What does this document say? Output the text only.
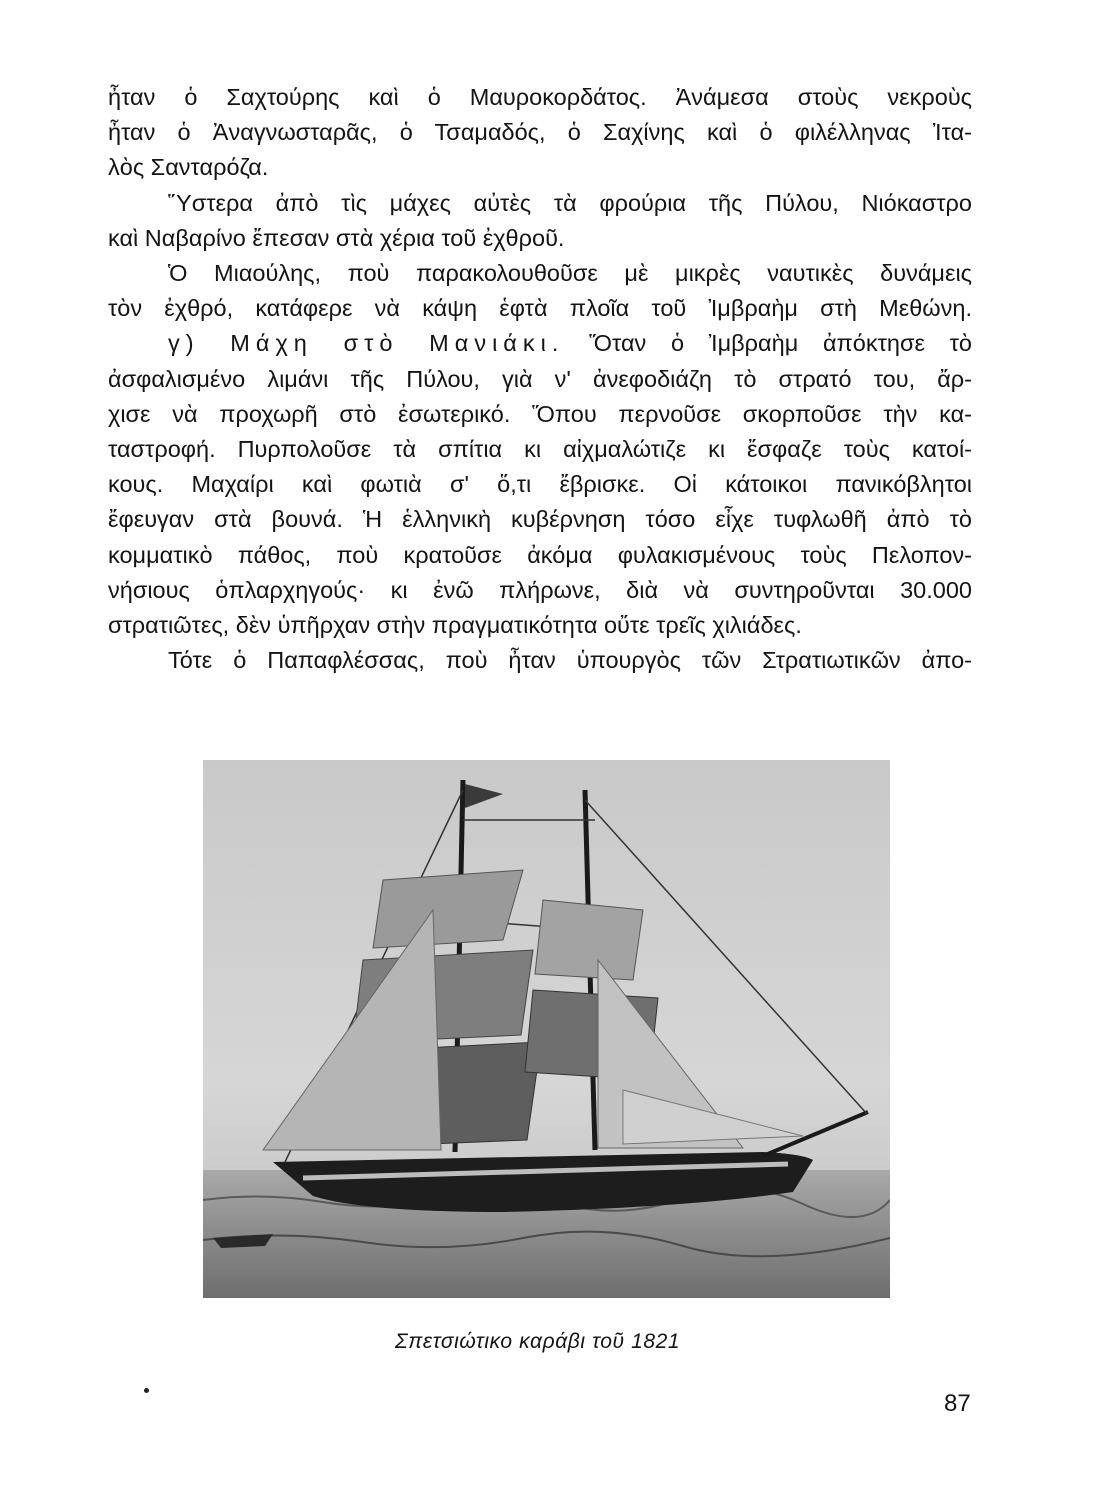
ἦταν ὁ Σαχτούρης καὶ ὁ Μαυροκορδάτος. Ἀνάμεσα στοὺς νεκροὺς
ἦταν ὁ Ἀναγνωσταρᾶς, ὁ Τσαμαδός, ὁ Σαχίνης καὶ ὁ φιλέλληνας Ἰτα-
λὸς Σανταρόζα.
Ὕστερα ἀπὸ τὶς μάχες αὐτὲς τὰ φρούρια τῆς Πύλου, Νιόκαστρο
καὶ Ναβαρίνο ἔπεσαν στὰ χέρια τοῦ ἐχθροῦ.
Ὁ Μιαούλης, ποὺ παρακολουθοῦσε μὲ μικρὲς ναυτικὲς δυνάμεις
τὸν ἐχθρό, κατάφερε νὰ κάψη ἑφτὰ πλοῖα τοῦ Ἰμβραὴμ στὴ Μεθώνη.
γ) Μάχη στὸ Μανιάκι. Ὅταν ὁ Ἰμβραὴμ ἀπόκτησε τὸ
ἀσφαλισμένο λιμάνι τῆς Πύλου, γιὰ ν' ἀνεφοδιάζη τὸ στρατό του, ἄρ-
χισε νὰ προχωρῆ στὸ ἐσωτερικό. Ὅπου περνοῦσε σκορποῦσε τὴν κα-
ταστροφή. Πυρπολοῦσε τὰ σπίτια κι αἰχμαλώτιζε κι ἔσφαζε τοὺς κατοί-
κους. Μαχαίρι καὶ φωτιὰ σ' ὅ,τι ἔβρισκε. Οἱ κάτοικοι πανικόβλητοι
ἔφευγαν στὰ βουνά. Ἡ ἑλληνικὴ κυβέρνηση τόσο εἶχε τυφλωθῆ ἀπὸ τὸ
κομματικὸ πάθος, ποὺ κρατοῦσε ἀκόμα φυλακισμένους τοὺς Πελοπον-
νήσιους ὁπλαρχηγούς· κι ἐνῶ πλήρωνε, διὰ νὰ συντηροῦνται 30.000
στρατιῶτες, δὲν ὑπῆρχαν στὴν πραγματικότητα οὔτε τρεῖς χιλιάδες.
Τότε ὁ Παπαφλέσσας, ποὺ ἦταν ὑπουργὸς τῶν Στρατιωτικῶν ἀπο-
Σπετσιώτικο καράβι τοῦ 1821
87
